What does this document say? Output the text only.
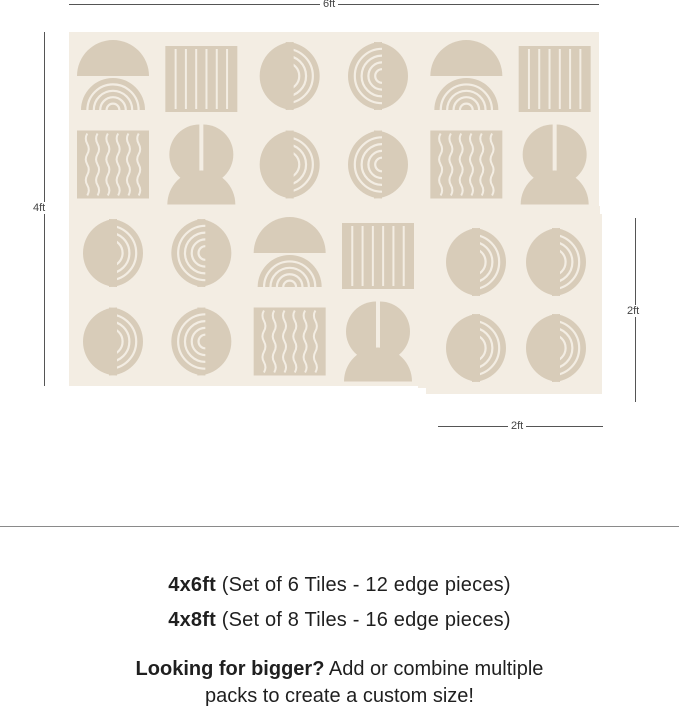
6ft
4ft
2ft
2ft
4x6ft (Set of 6 Tiles - 12 edge pieces)
4x8ft (Set of 8 Tiles - 16 edge pieces)
Looking for bigger? Add or combine multiple
packs to create a custom size!
